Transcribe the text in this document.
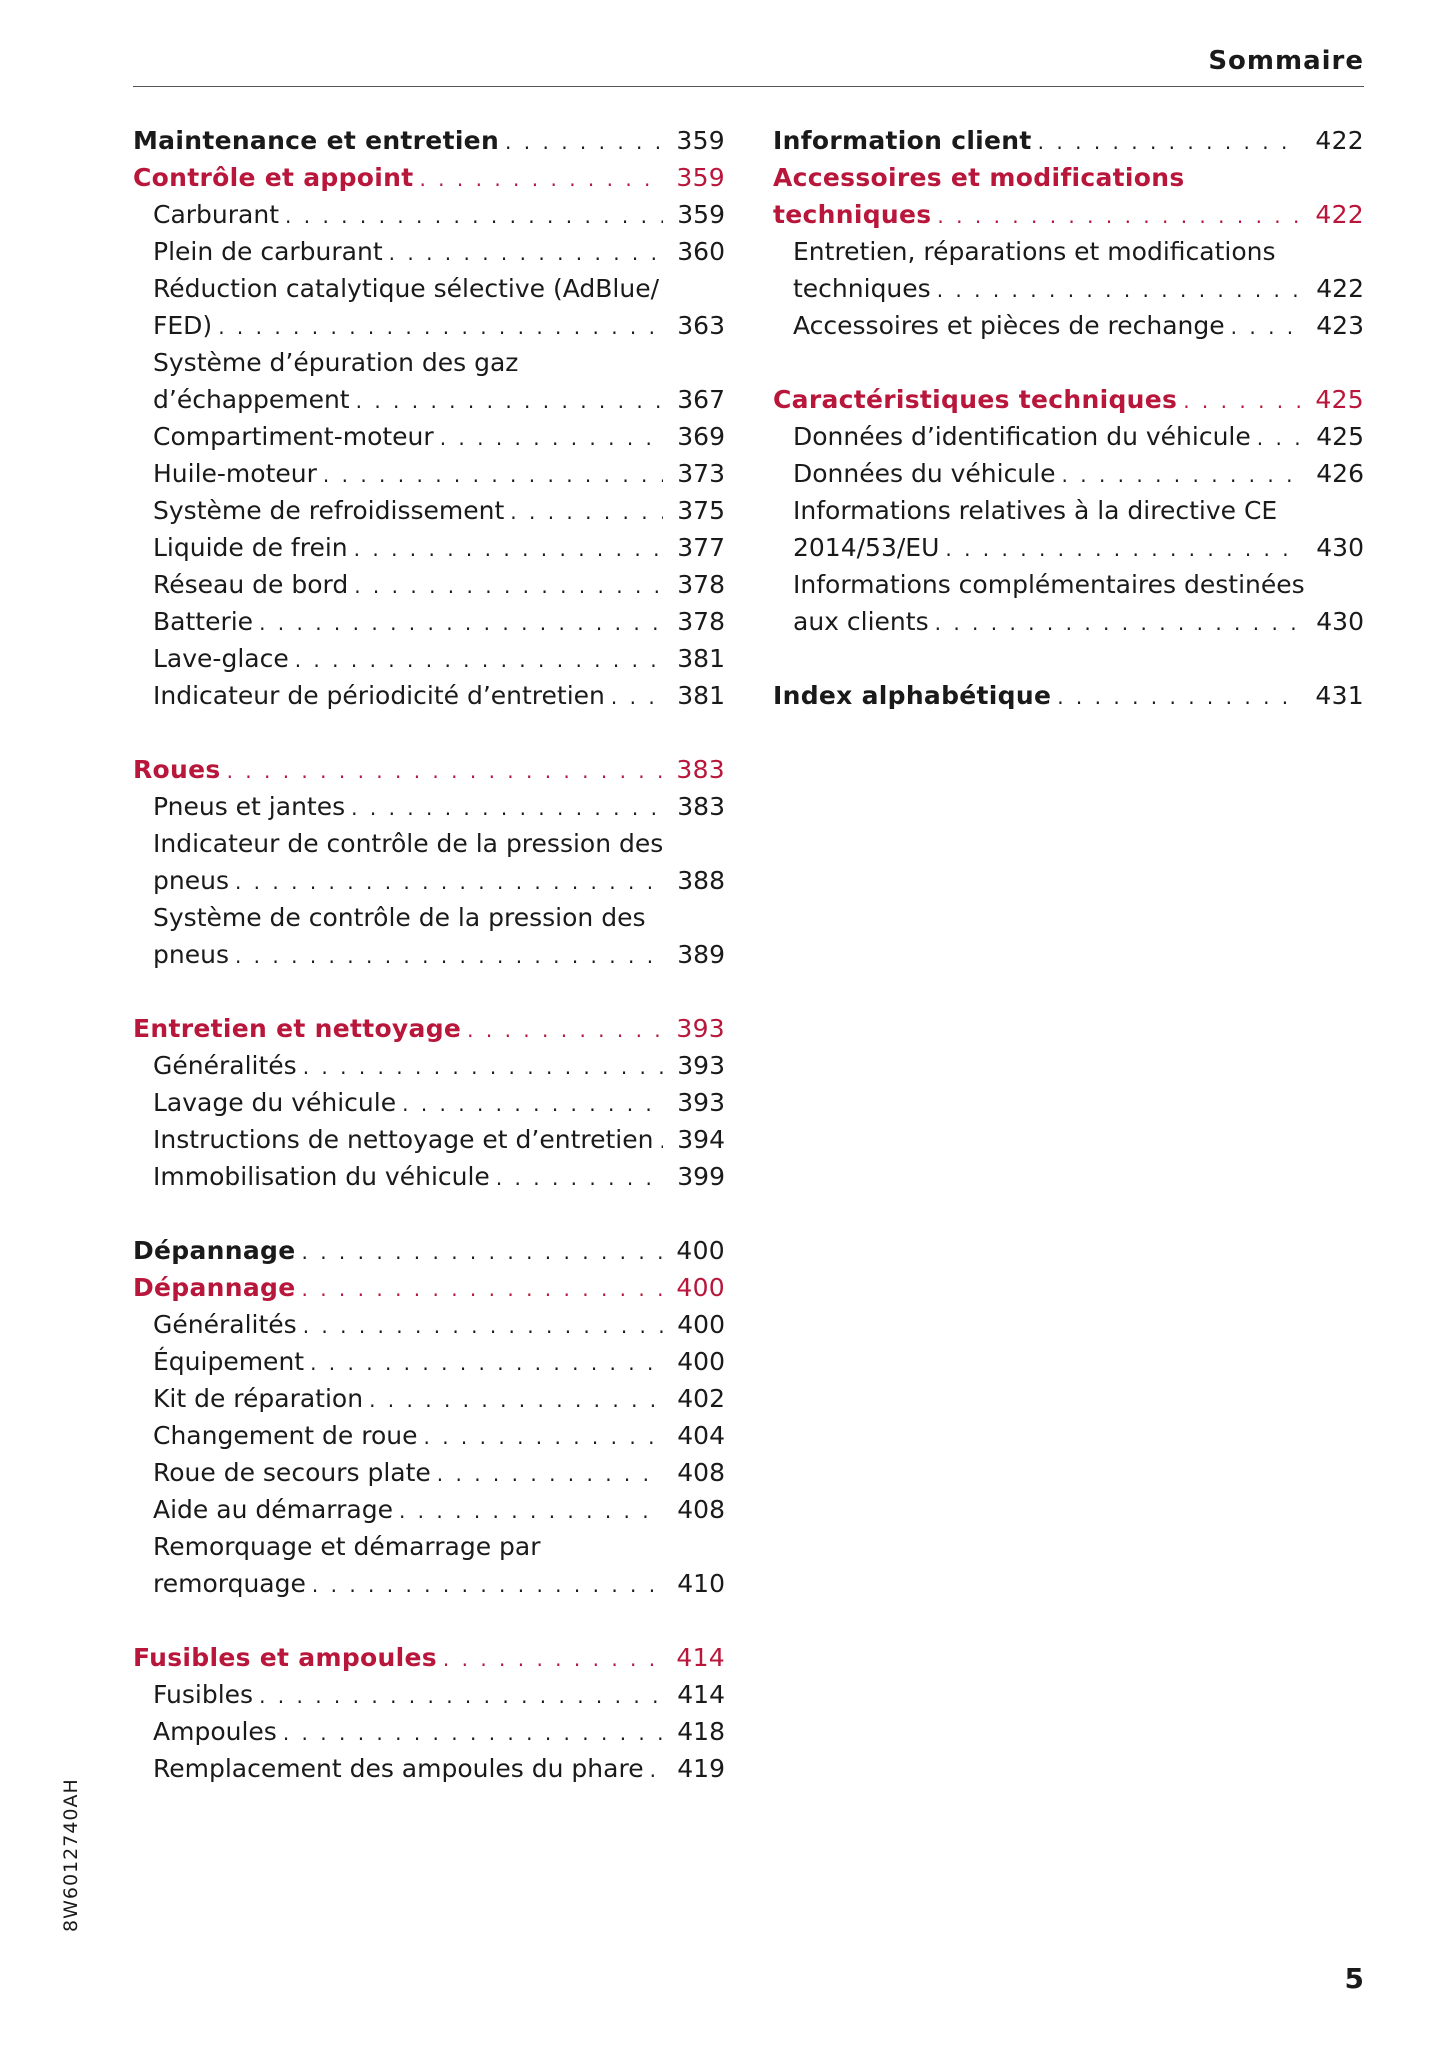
Sommaire
Maintenance et entretien . . .	359
Contrôle et appoint . . .	359
Carburant . . .	359
Plein de carburant . . .	360
Réduction catalytique sélective (AdBlue/
FED) . . .	363
Système d’épuration des gaz
d’échappement . . .	367
Compartiment-moteur . . .	369
Huile-moteur . . .	373
Système de refroidissement . . .	375
Liquide de frein . . .	377
Réseau de bord . . .	378
Batterie . . .	378
Lave-glace . . .	381
Indicateur de périodicité d’entretien . . .	381
Roues . . .	383
Pneus et jantes . . .	383
Indicateur de contrôle de la pression des
pneus . . .	388
Système de contrôle de la pression des
pneus . . .	389
Entretien et nettoyage . . .	393
Généralités . . .	393
Lavage du véhicule . . .	393
Instructions de nettoyage et d’entretien . . . 394
Immobilisation du véhicule . . .	399
Dépannage . . .	400
Dépannage . . .	400
Généralités . . .	400
Équipement . . .	400
Kit de réparation . . .	402
Changement de roue . . .	404
Roue de secours plate . . .	408
Aide au démarrage . . .	408
Remorquage et démarrage par
remorquage . . .	410
Fusibles et ampoules . . .	414
Fusibles . . .	414
Ampoules . . .	418
Remplacement des ampoules du phare . . . 419
Information client . . .	422
Accessoires et modifications
techniques . . .	422
Entretien, réparations et modifications
techniques . . .	422
Accessoires et pièces de rechange . . .	423
Caractéristiques techniques . . .	425
Données d’identification du véhicule . . .	425
Données du véhicule . . .	426
Informations relatives à la directive CE
2014/53/EU . . .	430
Informations complémentaires destinées
aux clients . . .	430
Index alphabétique . . .	431
8W6012740AH
5
